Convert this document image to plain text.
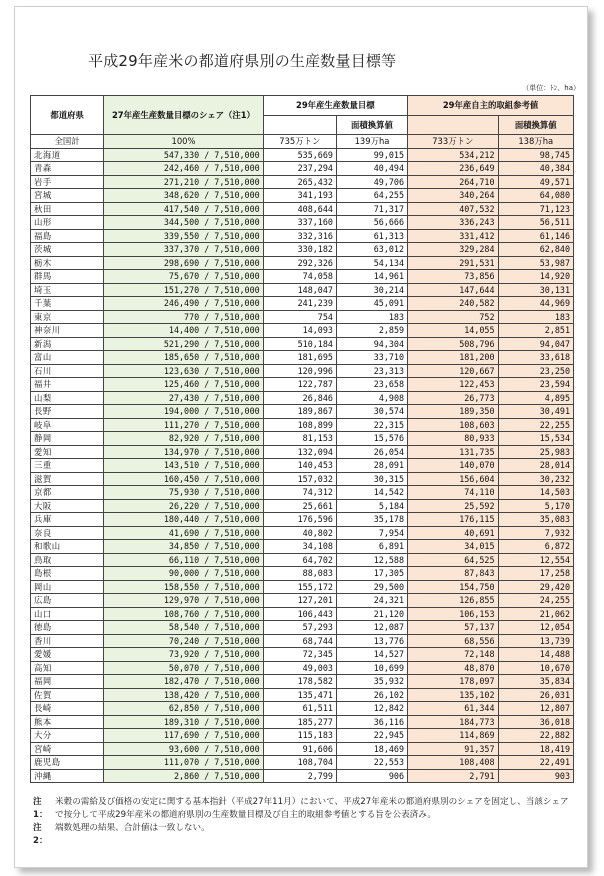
平成29年産米の都道府県別の生産数量目標等
（単位：ﾄﾝ、ha）
都道府県	27年産生産数量目標のシェア（注1）	29年産生産数量目標		29年産自主的取組参考値	
			面積換算値		面積換算値
全国計	100%	735万トン	139万ha	733万トン	138万ha
北海道	547,330 / 7,510,000	535,669	99,015	534,212	98,745
青森	242,460 / 7,510,000	237,294	40,494	236,649	40,384
岩手	271,210 / 7,510,000	265,432	49,706	264,710	49,571
宮城	348,620 / 7,510,000	341,193	64,255	340,264	64,080
秋田	417,540 / 7,510,000	408,644	71,317	407,532	71,123
山形	344,500 / 7,510,000	337,160	56,666	336,243	56,511
福島	339,550 / 7,510,000	332,316	61,313	331,412	61,146
茨城	337,370 / 7,510,000	330,182	63,012	329,284	62,840
栃木	298,690 / 7,510,000	292,326	54,134	291,531	53,987
群馬	75,670 / 7,510,000	74,058	14,961	73,856	14,920
埼玉	151,270 / 7,510,000	148,047	30,214	147,644	30,131
千葉	246,490 / 7,510,000	241,239	45,091	240,582	44,969
東京	770 / 7,510,000	754	183	752	183
神奈川	14,400 / 7,510,000	14,093	2,859	14,055	2,851
新潟	521,290 / 7,510,000	510,184	94,304	508,796	94,047
富山	185,650 / 7,510,000	181,695	33,710	181,200	33,618
石川	123,630 / 7,510,000	120,996	23,313	120,667	23,250
福井	125,460 / 7,510,000	122,787	23,658	122,453	23,594
山梨	27,430 / 7,510,000	26,846	4,908	26,773	4,895
長野	194,000 / 7,510,000	189,867	30,574	189,350	30,491
岐阜	111,270 / 7,510,000	108,899	22,315	108,603	22,255
静岡	82,920 / 7,510,000	81,153	15,576	80,933	15,534
愛知	134,970 / 7,510,000	132,094	26,054	131,735	25,983
三重	143,510 / 7,510,000	140,453	28,091	140,070	28,014
滋賀	160,450 / 7,510,000	157,032	30,315	156,604	30,232
京都	75,930 / 7,510,000	74,312	14,542	74,110	14,503
大阪	26,220 / 7,510,000	25,661	5,184	25,592	5,170
兵庫	180,440 / 7,510,000	176,596	35,178	176,115	35,083
奈良	41,690 / 7,510,000	40,802	7,954	40,691	7,932
和歌山	34,850 / 7,510,000	34,108	6,891	34,015	6,872
鳥取	66,110 / 7,510,000	64,702	12,588	64,525	12,554
島根	90,000 / 7,510,000	88,083	17,305	87,843	17,258
岡山	158,550 / 7,510,000	155,172	29,500	154,750	29,420
広島	129,970 / 7,510,000	127,201	24,321	126,855	24,255
山口	108,760 / 7,510,000	106,443	21,120	106,153	21,062
徳島	58,540 / 7,510,000	57,293	12,087	57,137	12,054
香川	70,240 / 7,510,000	68,744	13,776	68,556	13,739
愛媛	73,920 / 7,510,000	72,345	14,527	72,148	14,488
高知	50,070 / 7,510,000	49,003	10,699	48,870	10,670
福岡	182,470 / 7,510,000	178,582	35,932	178,097	35,834
佐賀	138,420 / 7,510,000	135,471	26,102	135,102	26,031
長崎	62,850 / 7,510,000	61,511	12,842	61,344	12,807
熊本	189,310 / 7,510,000	185,277	36,116	184,773	36,018
大分	117,690 / 7,510,000	115,183	22,945	114,869	22,882
宮崎	93,600 / 7,510,000	91,606	18,469	91,357	18,419
鹿児島	111,070 / 7,510,000	108,704	22,553	108,408	22,491
沖縄	2,860 / 7,510,000	2,799	906	2,791	903
注1：
米穀の需給及び価格の安定に関する基本指針（平成27年11月）において、平成27年産米の都道府県別のシェアを固定し、当該シェアで按分して平成29年産米の都道府県別の生産数量目標及び自主的取組参考値とする旨を公表済み。
注2：
端数処理の結果、合計値は一致しない。
